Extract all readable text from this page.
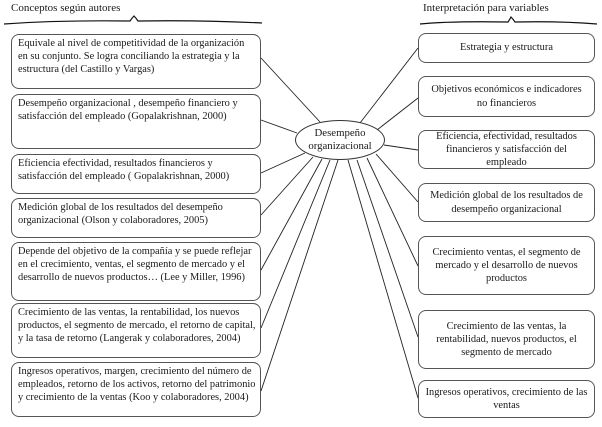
Conceptos según autores	Interpretación para variables
Desempeño
organizacional
Equivale al nivel de competitividad de la organización en su conjunto. Se logra conciliando la estrategia y la estructura (del Castillo y Vargas)
Desempeño organizacional , desempeño financiero y satisfacción del empleado (Gopalakrishnan, 2000)
Eficiencia efectividad, resultados financieros y satisfacción del empleado ( Gopalakrishnan, 2000)
Medición global de los resultados del desempeño organizacional (Olson y colaboradores, 2005)
Depende del objetivo de la compañía y se puede reflejar en el crecimiento, ventas, el segmento de mercado y el desarrollo de nuevos productos… (Lee y Miller, 1996)
Crecimiento de las ventas, la rentabilidad, los nuevos productos, el segmento de mercado, el retorno de capital, y la tasa de retorno (Langerak y colaboradores, 2004)
Ingresos operativos, margen, crecimiento del número de empleados, retorno de los activos, retorno del patrimonio y crecimiento de la ventas (Koo y colaboradores, 2004)
Estrategia y estructura
Objetivos económicos e indicadores no financieros
Eficiencia, efectividad, resultados financieros y satisfacción del empleado
Medición global de los resultados de desempeño organizacional
Crecimiento ventas, el segmento de mercado y el desarrollo de nuevos productos
Crecimiento de las ventas, la rentabilidad, nuevos productos, el segmento de mercado
Ingresos operativos, crecimiento de las ventas
